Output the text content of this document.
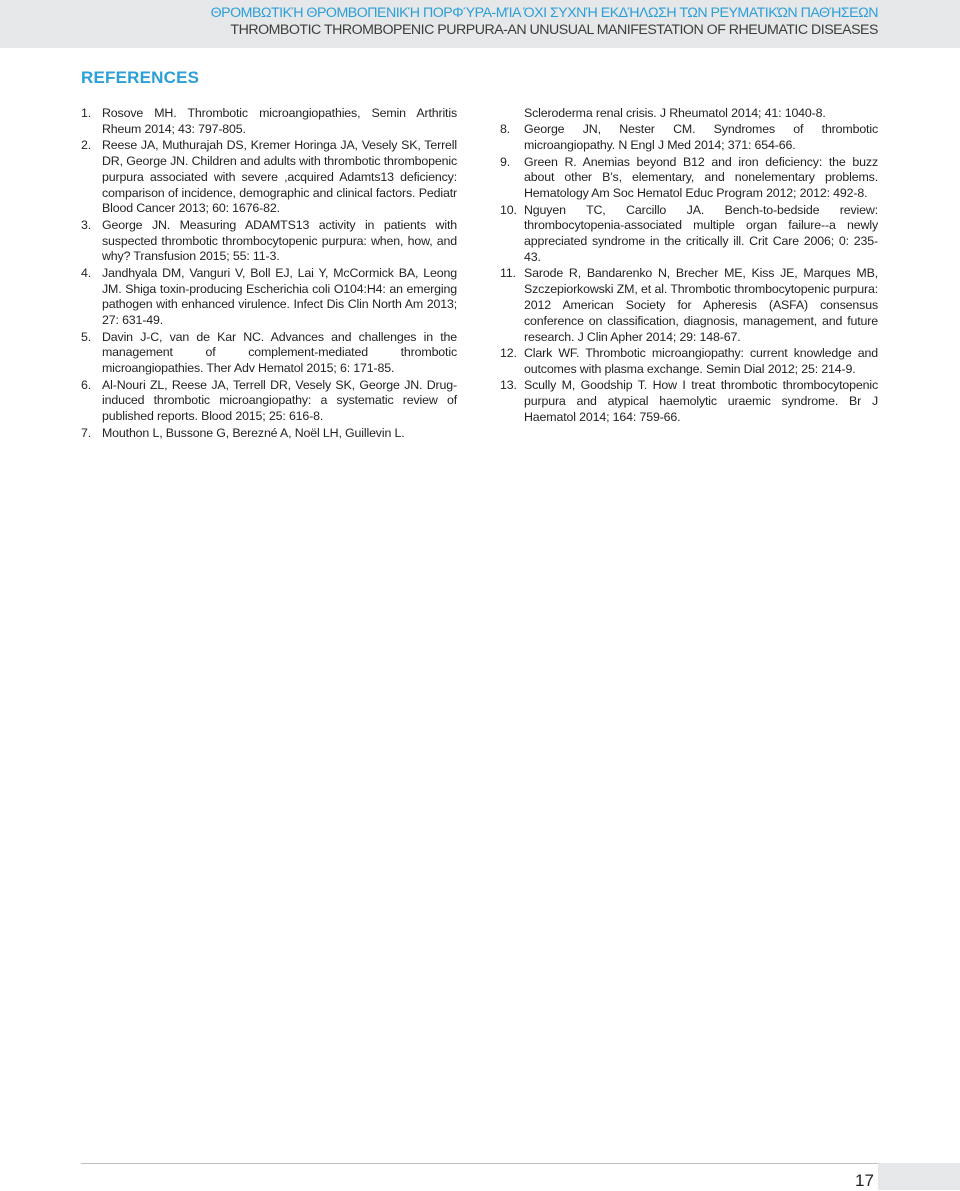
ΘΡΟΜΒΩΤΙΚΉ ΘΡΟΜΒΟΠΕΝΙΚΉ ΠΟΡΦΎΡΑ-ΜΊΑ ΌΧΙ ΣΥΧΝΉ ΕΚΔΉΛΩΣΗ ΤΩΝ ΡΕΥΜΑΤΙΚΏΝ ΠΑΘΉΣΕΩΝ
THROMBOTIC THROMBOPENIC PURPURA-AN UNUSUAL MANIFESTATION OF RHEUMATIC DISEASES
REFERENCES
1. Rosove MH. Thrombotic microangiopathies, Semin Arthritis Rheum 2014; 43: 797-805.
2. Reese JA, Muthurajah DS, Kremer Horinga JA, Vesely SK, Terrell DR, George JN. Children and adults with thrombotic thrombopenic purpura associated with severe ,acquired Adamts13 deficiency: comparison of incidence, demographic and clinical factors. Pediatr Blood Cancer 2013; 60: 1676-82.
3. George JN. Measuring ADAMTS13 activity in patients with suspected thrombotic thrombocytopenic purpura: when, how, and why? Transfusion 2015; 55: 11-3.
4. Jandhyala DM, Vanguri V, Boll EJ, Lai Y, McCormick BA, Leong JM. Shiga toxin-producing Escherichia coli O104:H4: an emerging pathogen with enhanced virulence. Infect Dis Clin North Am 2013; 27: 631-49.
5. Davin J-C, van de Kar NC. Advances and challenges in the management of complement-mediated thrombotic microangiopathies. Ther Adv Hematol 2015; 6: 171-85.
6. Al-Nouri ZL, Reese JA, Terrell DR, Vesely SK, George JN. Drug-induced thrombotic microangiopathy: a systematic review of published reports. Blood 2015; 25: 616-8.
7. Mouthon L, Bussone G, Berezné A, Noël LH, Guillevin L.
Scleroderma renal crisis. J Rheumatol 2014; 41: 1040-8.
8. George JN, Nester CM. Syndromes of thrombotic microangiopathy. N Engl J Med 2014; 371: 654-66.
9. Green R. Anemias beyond B12 and iron deficiency: the buzz about other B’s, elementary, and nonelementary problems. Hematology Am Soc Hematol Educ Program 2012; 2012: 492-8.
10. Nguyen TC, Carcillo JA. Bench-to-bedside review: thrombocytopenia-associated multiple organ failure--a newly appreciated syndrome in the critically ill. Crit Care 2006; 0: 235-43.
11. Sarode R, Bandarenko N, Brecher ME, Kiss JE, Marques MB, Szczepiorkowski ZM, et al. Thrombotic thrombocytopenic purpura: 2012 American Society for Apheresis (ASFA) consensus conference on classification, diagnosis, management, and future research. J Clin Apher 2014; 29: 148-67.
12. Clark WF. Thrombotic microangiopathy: current knowledge and outcomes with plasma exchange. Semin Dial 2012; 25: 214-9.
13. Scully M, Goodship T. How I treat thrombotic thrombocytopenic purpura and atypical haemolytic uraemic syndrome. Br J Haematol 2014; 164: 759-66.
17
